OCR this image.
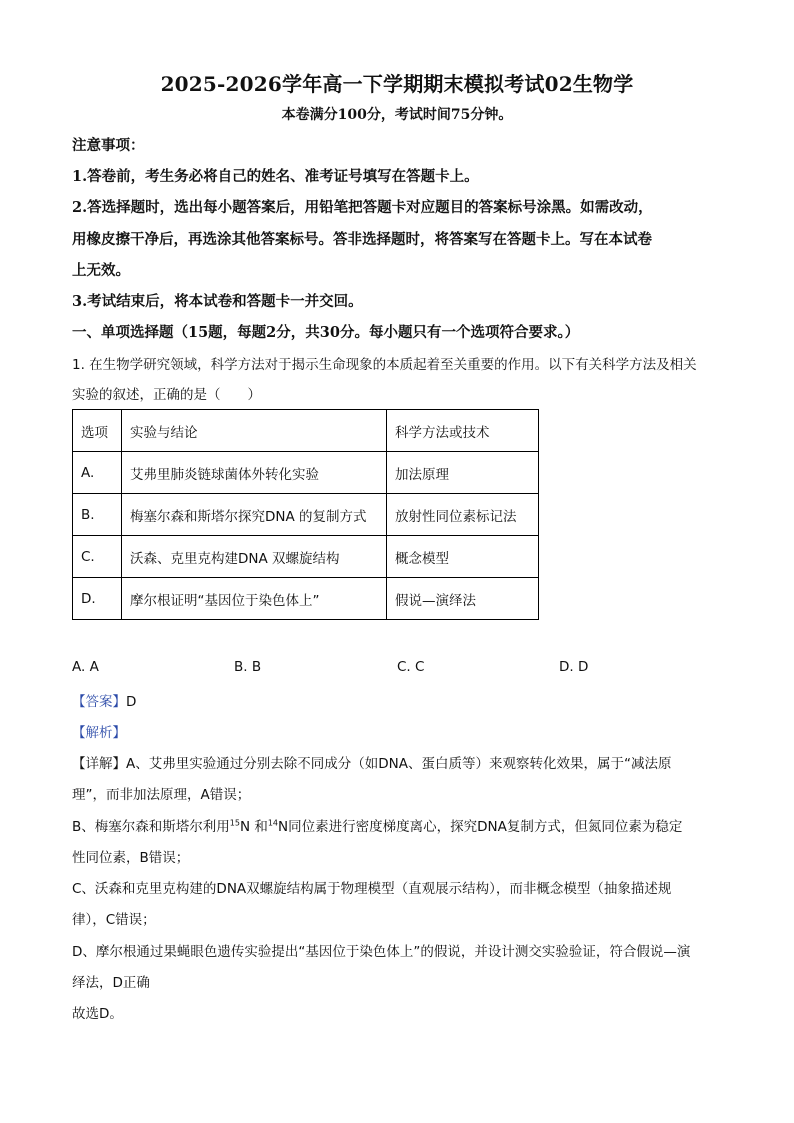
2025-2026学年高一下学期期末模拟考试02生物学
本卷满分100分，考试时间75分钟。
注意事项：
1.答卷前，考生务必将自己的姓名、准考证号填写在答题卡上。
2.答选择题时，选出每小题答案后，用铅笔把答题卡对应题目的答案标号涂黑。如需改动，
用橡皮擦干净后，再选涂其他答案标号。答非选择题时，将答案写在答题卡上。写在本试卷
上无效。
3.考试结束后，将本试卷和答题卡一并交回。
一、单项选择题（15题，每题2分，共30分。每小题只有一个选项符合要求。）
1. 在生物学研究领域，科学方法对于揭示生命现象的本质起着至关重要的作用。以下有关科学方法及相关
实验的叙述，正确的是（　　）
选项	实验与结论	科学方法或技术
A.	艾弗里肺炎链球菌体外转化实验	加法原理
B.	梅塞尔森和斯塔尔探究DNA 的复制方式	放射性同位素标记法
C.	沃森、克里克构建DNA 双螺旋结构	概念模型
D.	摩尔根证明“基因位于染色体上”	假说—演绎法
A. A	B. B	C. C	D. D
【答案】D
【解析】
【详解】A、艾弗里实验通过分别去除不同成分（如DNA、蛋白质等）来观察转化效果，属于“减法原
理”，而非加法原理，A错误；
B、梅塞尔森和斯塔尔利用$^{15}$N 和$^{14}$N同位素进行密度梯度离心，探究DNA复制方式，但氮同位素为稳定
性同位素，B错误；
C、沃森和克里克构建的DNA双螺旋结构属于物理模型（直观展示结构），而非概念模型（抽象描述规
律），C错误；
D、摩尔根通过果蝇眼色遗传实验提出“基因位于染色体上”的假说，并设计测交实验验证，符合假说—演
绎法，D正确
故选D。
